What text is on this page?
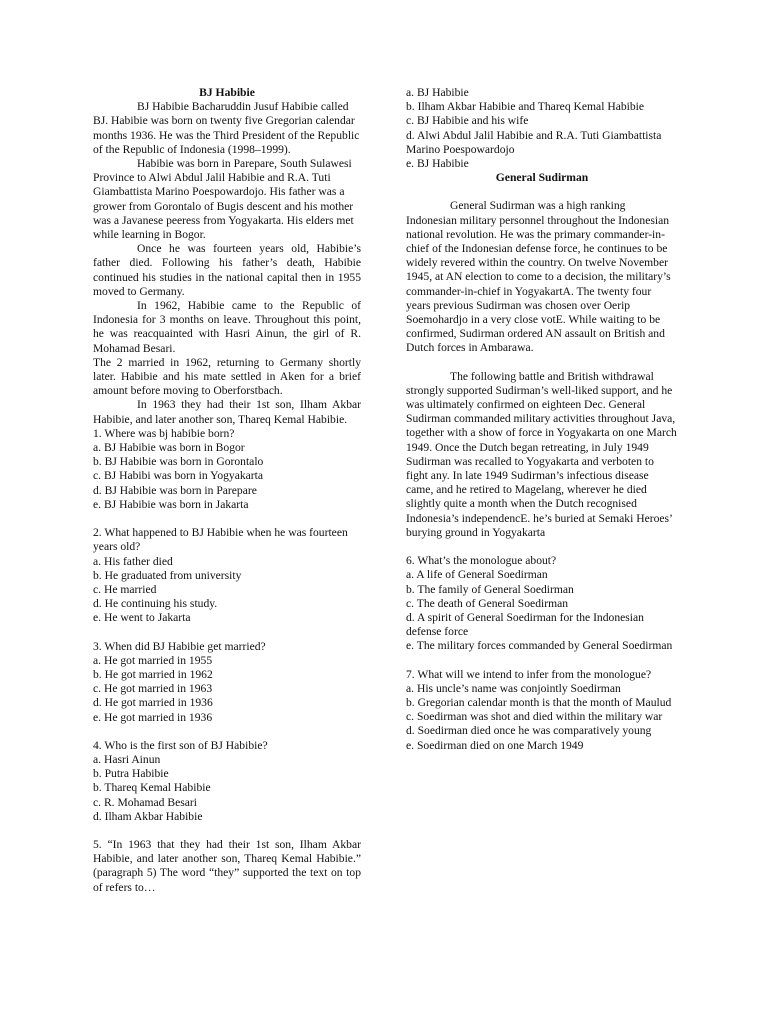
BJ Habibie

BJ Habibie Bacharuddin Jusuf Habibie called BJ. Habibie was born on twenty five Gregorian calendar months 1936. He was the Third President of the Republic of the Republic of Indonesia (1998–1999).

Habibie was born in Parepare, South Sulawesi Province to Alwi Abdul Jalil Habibie and R.A. Tuti Giambattista Marino Poespowardojo. His father was a grower from Gorontalo of Bugis descent and his mother was a Javanese peeress from Yogyakarta. His elders met while learning in Bogor.

Once he was fourteen years old, Habibie’s father died. Following his father’s death, Habibie continued his studies in the national capital then in 1955 moved to Germany.

In 1962, Habibie came to the Republic of Indonesia for 3 months on leave. Throughout this point, he was reacquainted with Hasri Ainun, the girl of R. Mohamad Besari.

The 2 married in 1962, returning to Germany shortly later. Habibie and his mate settled in Aken for a brief amount before moving to Oberforstbach.

In 1963 they had their 1st son, Ilham Akbar Habibie, and later another son, Thareq Kemal Habibie.

1. Where was bj habibie born?

a. BJ Habibie was born in Bogor

b. BJ Habibie was born in Gorontalo

c. BJ Habibi was born in Yogyakarta

d. BJ Habibie was born in Parepare

e. BJ Habibie was born in Jakarta

2. What happened to BJ Habibie when he was fourteen years old?

a. His father died

b. He graduated from university

c. He married

d. He continuing his study.

e. He went to Jakarta

3. When did BJ Habibie get married?

a. He got married in 1955

b. He got married in 1962

c. He got married in 1963

d. He got married in 1936

e. He got married in 1936

4. Who is the first son of BJ Habibie?

a. Hasri Ainun

b. Putra Habibie

b. Thareq Kemal Habibie

c. R. Mohamad Besari

d. Ilham Akbar Habibie

5. “In 1963 that they had their 1st son, Ilham Akbar Habibie, and later another son, Thareq Kemal Habibie.” (paragraph 5) The word “they” supported the text on top of refers to…

a. BJ Habibie

b. Ilham Akbar Habibie and Thareq Kemal Habibie

c. BJ Habibie and his wife

d. Alwi Abdul Jalil Habibie and R.A. Tuti Giambattista Marino Poespowardojo

e. BJ Habibie

General Sudirman

General Sudirman was a high ranking Indonesian military personnel throughout the Indonesian national revolution. He was the primary commander-in-chief of the Indonesian defense force, he continues to be widely revered within the country. On twelve November 1945, at AN election to come to a decision, the military’s commander-in-chief in YogyakartA. The twenty four years previous Sudirman was chosen over Oerip Soemohardjo in a very close votE. While waiting to be confirmed, Sudirman ordered AN assault on British and Dutch forces in Ambarawa.

The following battle and British withdrawal strongly supported Sudirman’s well-liked support, and he was ultimately confirmed on eighteen Dec. General Sudirman commanded military activities throughout Java, together with a show of force in Yogyakarta on one March 1949. Once the Dutch began retreating, in July 1949 Sudirman was recalled to Yogyakarta and verboten to fight any. In late 1949 Sudirman’s infectious disease came, and he retired to Magelang, wherever he died slightly quite a month when the Dutch recognised Indonesia’s independencE. he’s buried at Semaki Heroes’ burying ground in Yogyakarta

6. What’s the monologue about?

a. A life of General Soedirman

b. The family of General Soedirman

c. The death of General Soedirman

d. A spirit of General Soedirman for the Indonesian defense force

e. The military forces commanded by General Soedirman

7. What will we intend to infer from the monologue?

a. His uncle’s name was conjointly Soedirman

b. Gregorian calendar month is that the month of Maulud

c. Soedirman was shot and died within the military war

d. Soedirman died once he was comparatively young

e. Soedirman died on one March 1949
